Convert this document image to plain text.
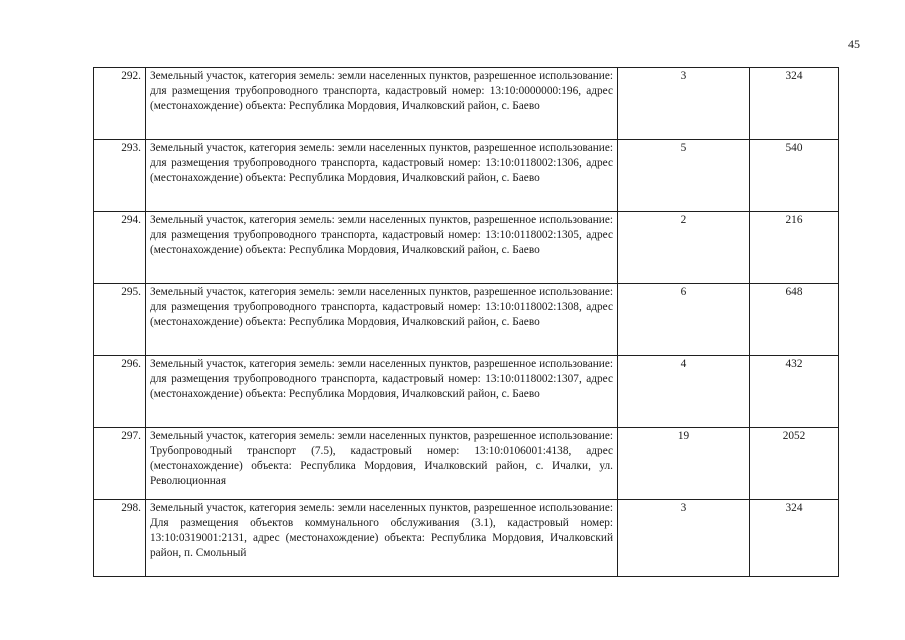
45
292.	Земельный участок, категория земель: земли населенных пунктов, разрешенное использование: для размещения трубопроводного транспорта, кадастровый номер: 13:10:0000000:196, адрес (местонахождение) объекта: Республика Мордовия, Ичалковский район, с. Баево	3	324
293.	Земельный участок, категория земель: земли населенных пунктов, разрешенное использование: для размещения трубопроводного транспорта, кадастровый номер: 13:10:0118002:1306, адрес (местонахождение) объекта: Республика Мордовия, Ичалковский район, с. Баево	5	540
294.	Земельный участок, категория земель: земли населенных пунктов, разрешенное использование: для размещения трубопроводного транспорта, кадастровый номер: 13:10:0118002:1305, адрес (местонахождение) объекта: Республика Мордовия, Ичалковский район, с. Баево	2	216
295.	Земельный участок, категория земель: земли населенных пунктов, разрешенное использование: для размещения трубопроводного транспорта, кадастровый номер: 13:10:0118002:1308, адрес (местонахождение) объекта: Республика Мордовия, Ичалковский район, с. Баево	6	648
296.	Земельный участок, категория земель: земли населенных пунктов, разрешенное использование: для размещения трубопроводного транспорта, кадастровый номер: 13:10:0118002:1307, адрес (местонахождение) объекта: Республика Мордовия, Ичалковский район, с. Баево	4	432
297.	Земельный участок, категория земель: земли населенных пунктов, разрешенное использование: Трубопроводный транспорт (7.5), кадастровый номер: 13:10:0106001:4138, адрес (местонахождение) объекта: Республика Мордовия, Ичалковский район, с. Ичалки, ул. Революционная	19	2052
298.	Земельный участок, категория земель: земли населенных пунктов, разрешенное использование: Для размещения объектов коммунального обслуживания (3.1), кадастровый номер: 13:10:0319001:2131, адрес (местонахождение) объекта: Республика Мордовия, Ичалковский район, п. Смольный	3	324
